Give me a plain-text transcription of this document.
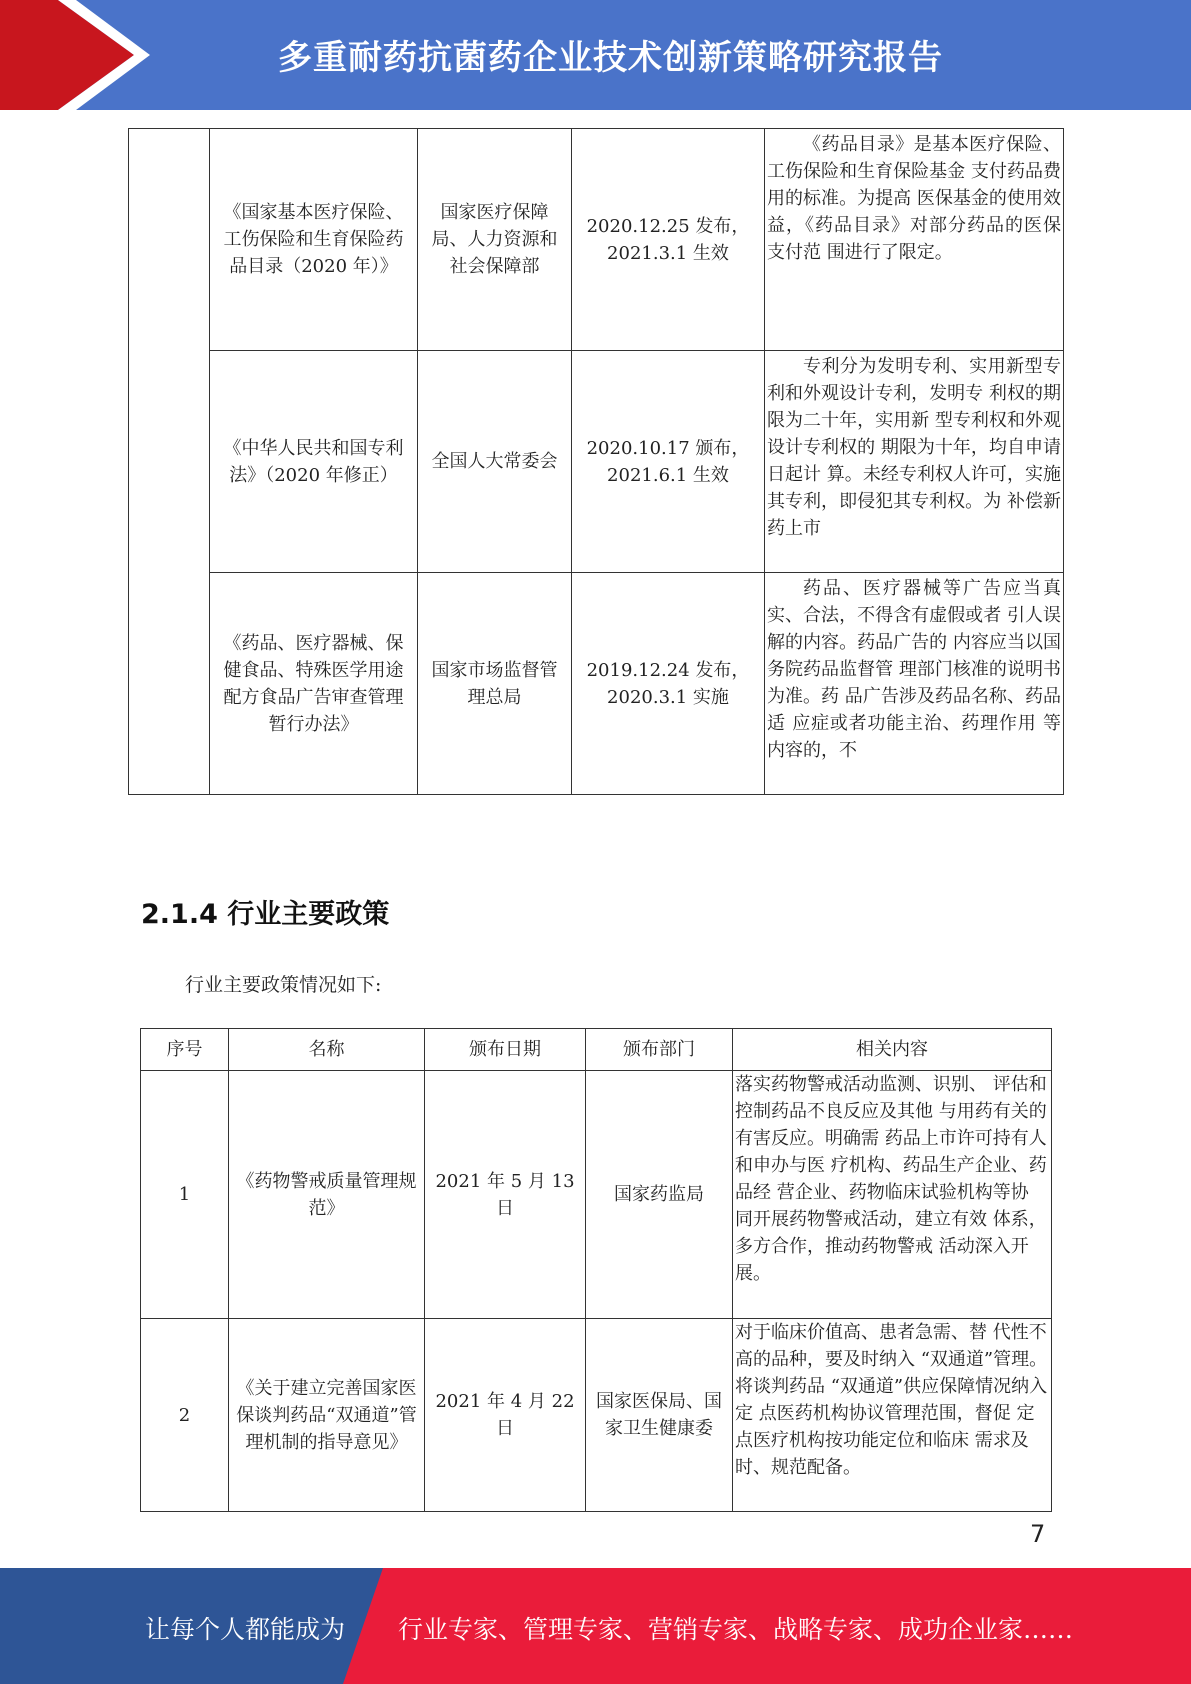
多重耐药抗菌药企业技术创新策略研究报告
	《国家基本医疗保险、工伤保险和生育保险药品目录（2020 年）》	国家医疗保障局、人力资源和社会保障部	2020.12.25 发布，2021.3.1 生效	《药品目录》是基本医疗保险、工伤保险和生育保险基金 支付药品费用的标准。为提高 医保基金的使用效益，《药品目录》对部分药品的医保支付范 围进行了限定。

	《中华人民共和国专利法》（2020 年修正）	全国人大常委会	2020.10.17 颁布，2021.6.1 生效	专利分为发明专利、实用新型专利和外观设计专利，发明专 利权的期限为二十年，实用新 型专利权和外观设计专利权的 期限为十年，均自申请日起计 算。未经专利权人许可，实施 其专利，即侵犯其专利权。为 补偿新药上市

	《药品、医疗器械、保健食品、特殊医学用途配方食品广告审查管理暂行办法》	国家市场监督管理总局	2019.12.24 发布，2020.3.1 实施	药品、医疗器械等广告应当真实、合法，不得含有虚假或者 引人误解的内容。药品广告的 内容应当以国务院药品监督管 理部门核准的说明书为准。药 品广告涉及药品名称、药品适 应症或者功能主治、药理作用 等内容的，不
2.1.4 行业主要政策
行业主要政策情况如下:
序号	名称	颁布日期	颁布部门	相关内容
1	《药物警戒质量管理规范》	2021 年 5 月 13 日	国家药监局	落实药物警戒活动监测、识别、 评估和控制药品不良反应及其他 与用药有关的有害反应。明确需 药品上市许可持有人和申办与医 疗机构、药品生产企业、药品经 营企业、药物临床试验机构等协 同开展药物警戒活动，建立有效 体系，多方合作，推动药物警戒 活动深入开展。
2	《关于建立完善国家医保谈判药品“双通道”管理机制的指导意见》	2021 年 4 月 22 日	国家医保局、国家卫生健康委	对于临床价值高、患者急需、替 代性不高的品种，要及时纳入 “双通道”管理。将谈判药品 “双通道”供应保障情况纳入定 点医药机构协议管理范围，督促 定点医疗机构按功能定位和临床 需求及时、规范配备。
7
让每个人都能成为 行业专家、管理专家、营销专家、战略专家、成功企业家……
